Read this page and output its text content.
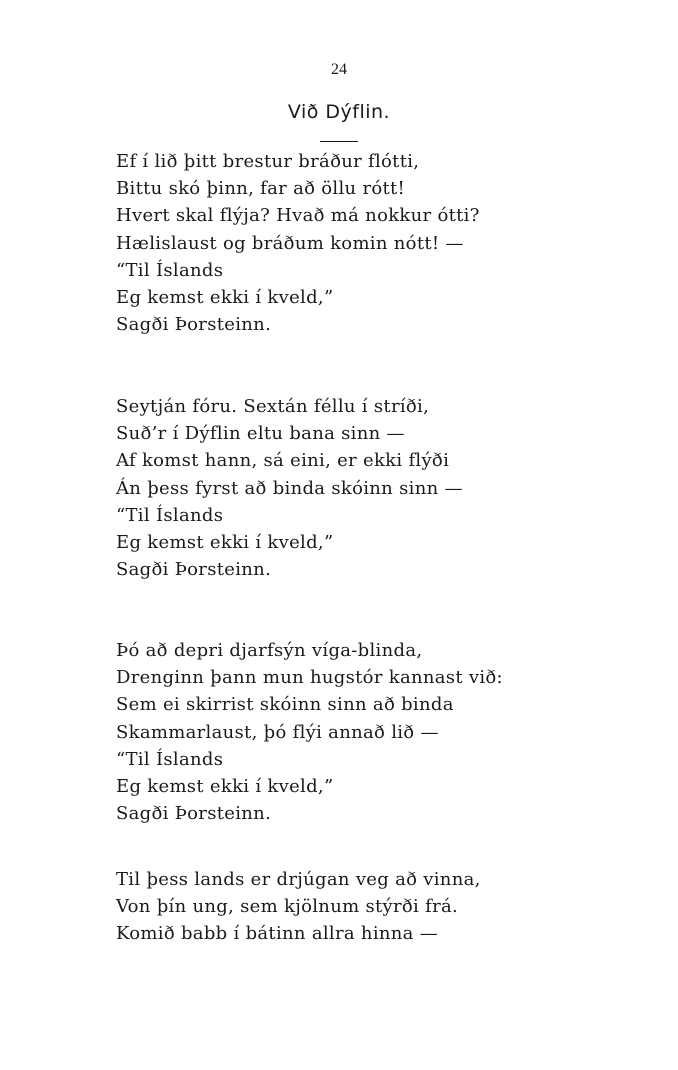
24
Við Dýflin.
Ef í lið þitt brestur bráður flótti,
Bittu skó þinn, far að öllu rótt!
Hvert skal flýja? Hvað má nokkur ótti?
Hælislaust og bráðum komin nótt! —
“Til Íslands
Eg kemst ekki í kveld,”
Sagði Þorsteinn.
Seytján fóru. Sextán féllu í stríði,
Suð’r í Dýflin eltu bana sinn —
Af komst hann, sá eini, er ekki flýði
Án þess fyrst að binda skóinn sinn —
“Til Íslands
Eg kemst ekki í kveld,”
Sagði Þorsteinn.
Þó að depri djarfsýn víga-blinda,
Drenginn þann mun hugstór kannast við:
Sem ei skirrist skóinn sinn að binda
Skammarlaust, þó flýi annað lið —
“Til Íslands
Eg kemst ekki í kveld,”
Sagði Þorsteinn.
Til þess lands er drjúgan veg að vinna,
Von þín ung, sem kjölnum stýrði frá.
Komið babb í bátinn allra hinna —
